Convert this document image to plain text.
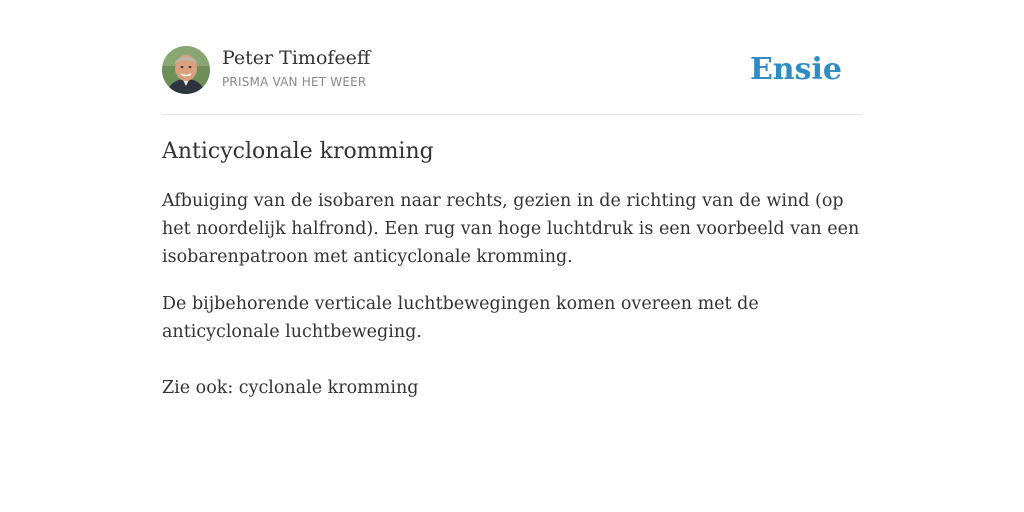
Peter Timofeeff
PRISMA VAN HET WEER	Ensie
Anticyclonale kromming

Afbuiging van de isobaren naar rechts, gezien in de richting van de wind (op het noordelijk halfrond). Een rug van hoge luchtdruk is een voorbeeld van een isobarenpatroon met anticyclonale kromming.

De bijbehorende verticale luchtbewegingen komen overeen met de anticyclonale luchtbeweging.

Zie ook: cyclonale kromming
